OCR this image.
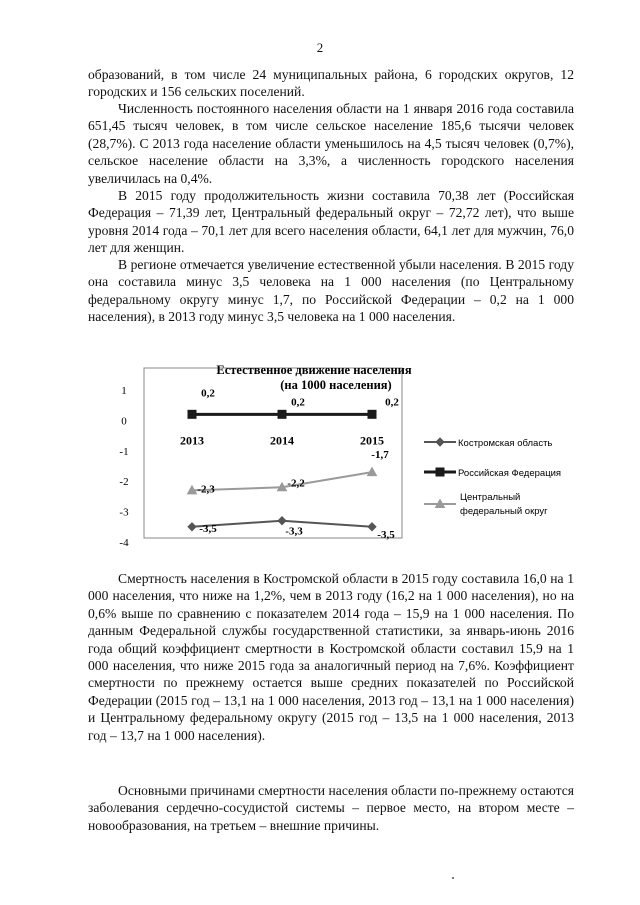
2

образований, в том числе 24 муниципальных района, 6 городских округов, 12 городских и 156 сельских поселений.

Численность постоянного населения области на 1 января 2016 года составила 651,45 тысяч человек, в том числе сельское население 185,6 тысячи человек (28,7%). С 2013 года население области уменьшилось на 4,5 тысяч человек (0,7%), сельское население области на 3,3%, а численность городского населения увеличилась на 0,4%.

В 2015 году продолжительность жизни составила 70,38 лет (Российская Федерация – 71,39 лет, Центральный федеральный округ – 72,72 лет), что выше уровня 2014 года – 70,1 лет для всего населения области, 64,1 лет для мужчин, 76,0 лет для женщин.

В регионе отмечается увеличение естественной убыли населения. В 2015 году она составила минус 3,5 человека на 1 000 населения (по Центральному федеральному округу минус 1,7, по Российской Федерации – 0,2 на 1 000 населения), в 2013 году минус 3,5 человека на 1 000 населения.

Естественное движение населения
(на 1000 населения)
1
0
-1
-2
-3
-4
2013	2014	2015
-3,5	-3,3	-3,5
0,2
0,2	0,2
-2,3
-2,2
-1,7
Костромская область
Российская Федерация
Центральный
федеральный округ

Смертность населения в Костромской области в 2015 году составила 16,0 на 1 000 населения, что ниже на 1,2%, чем в 2013 году (16,2 на 1 000 населения), но на 0,6% выше по сравнению с показателем 2014 года – 15,9 на 1 000 населения. По данным Федеральной службы государственной статистики, за январь-июнь 2016 года общий коэффициент смертности в Костромской области составил 15,9 на 1 000 населения, что ниже 2015 года за аналогичный период на 7,6%. Коэффициент смертности по прежнему остается выше средних показателей по Российской Федерации (2015 год – 13,1 на 1 000 населения, 2013 год – 13,1 на 1 000 населения) и Центральному федеральному округу (2015 год – 13,5 на 1 000 населения, 2013 год – 13,7 на 1 000 населения).

Основными причинами смертности населения области по-прежнему остаются заболевания сердечно-сосудистой системы – первое место, на втором месте – новообразования, на третьем – внешние причины.
